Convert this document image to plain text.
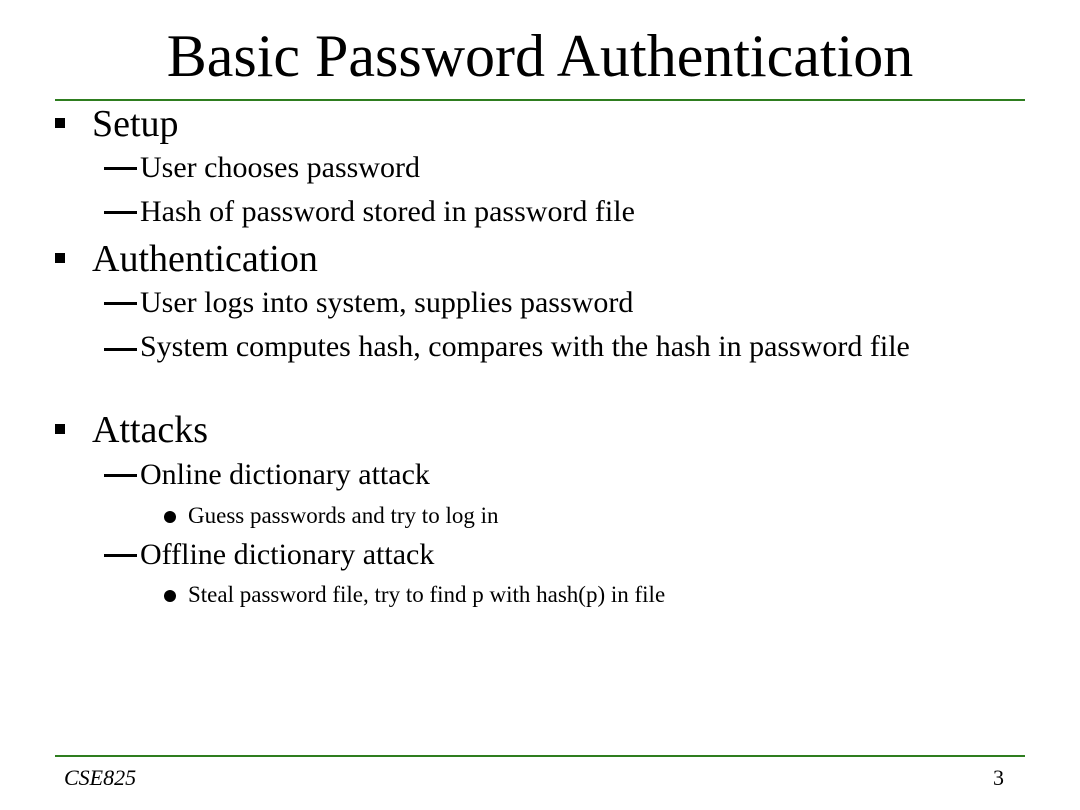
Basic Password Authentication
Setup
User chooses password
Hash of password stored in password file
Authentication
User logs into system, supplies password
System computes hash, compares with the hash in password file
Attacks
Online dictionary attack
Guess passwords and try to log in
Offline dictionary attack
Steal password file, try to find p with hash(p) in file
CSE825	3
